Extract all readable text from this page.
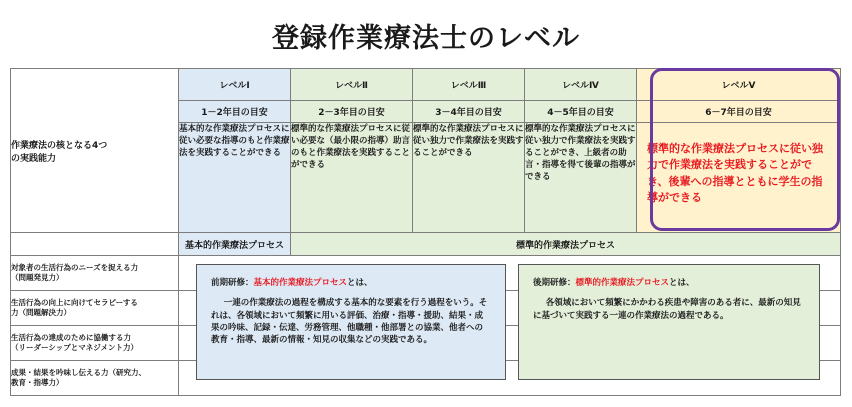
登録作業療法士のレベル
作業療法の核となる4つ
の実践能力	レベルⅠ	レベルⅡ	レベルⅢ	レベルⅣ	レベルⅤ
	1－2年目の目安	2－3年目の目安	3－4年目の目安	4－5年目の目安	6－7年目の目安
	基本的な作業療法プロセスに従い必要な指導のもと作業療法を実践することができる	標準的な作業療法プロセスに従い必要な（最小限の指導）助言のもと作業療法を実践することができる	標準的な作業療法プロセスに従い独力で作業療法を実践することができる	標準的な作業療法プロセスに従い独力で作業療法を実践することができ、上級者の助言・指導を得て後輩の指導ができる	標準的な作業療法プロセスに従い独力で作業療法を実践することができ、後輩への指導とともに学生の指導ができる
	基本的作業療法プロセス	標準的作業療法プロセス			
対象者の生活行為のニーズを捉える力
（問題発見力）					
生活行為の向上に向けてセラピーする
力（問題解決力）					
生活行為の達成のために協働する力
（リーダーシップとマネジメント力）					
成果・結果を吟味し伝える力（研究力、
教育・指導力）					
前期研修：基本的作業療法プロセスとは、
一連の作業療法の過程を構成する基本的な要素を行う過程をいう。それは、各領域において頻繁に用いる評価、治療・指導・援助、結果・成果の吟味、記録・伝達、労務管理、他職種・他部署との協業、他者への教育・指導、最新の情報・知見の収集などの実践である。
後期研修：標準的作業療法プロセスとは、
各領域において頻繁にかかわる疾患や障害のある者に、最新の知見に基づいて実践する一連の作業療法の過程である。
